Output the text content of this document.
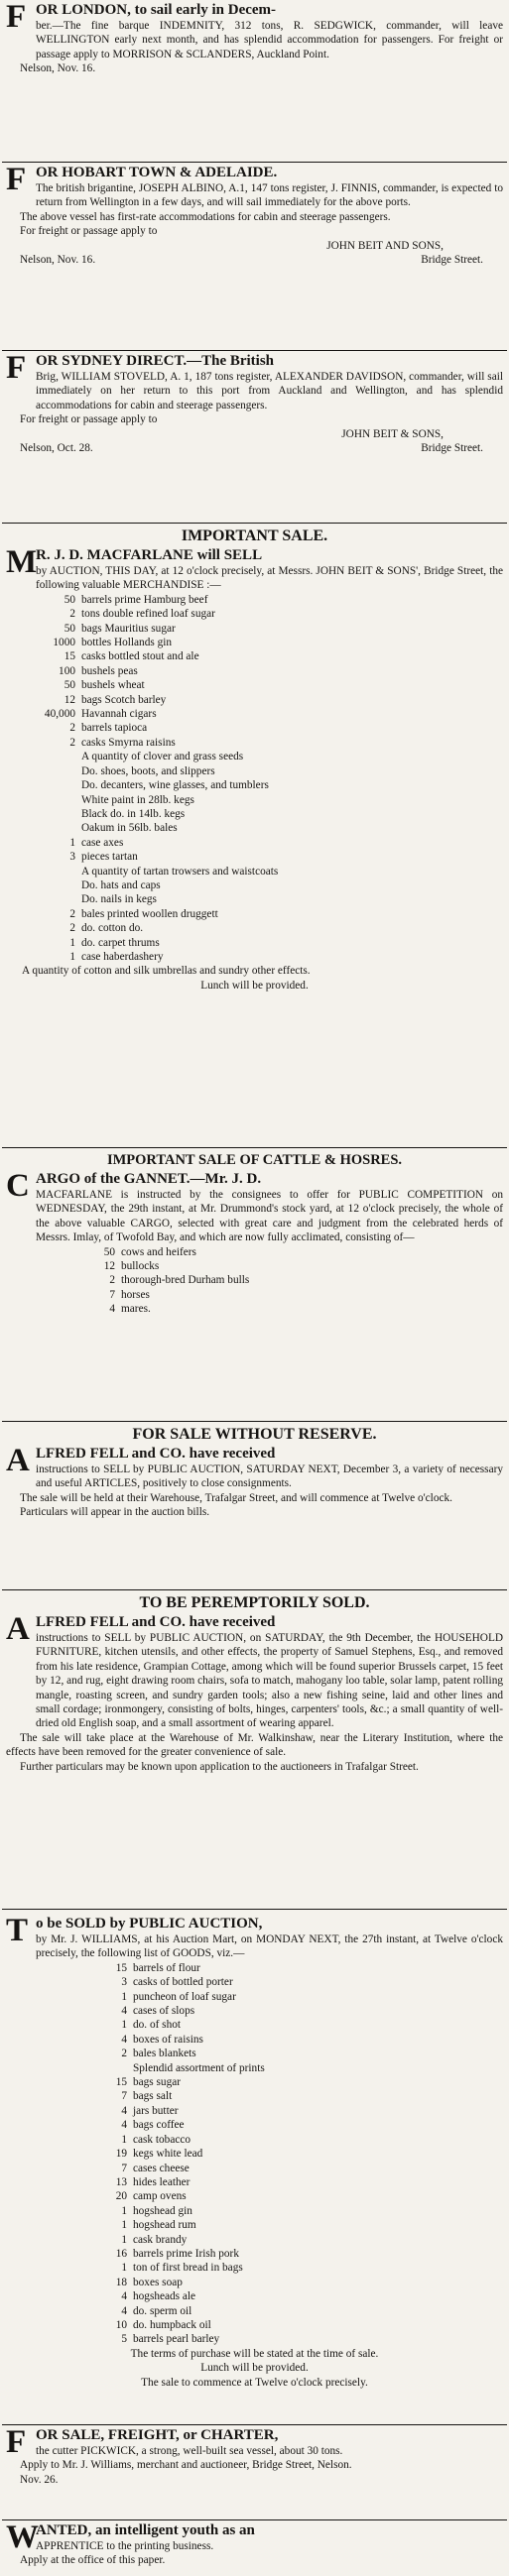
F OR LONDON, to sail early in Decem-

ber.—The fine barque INDEMNITY, 312 tons, R. SEDGWICK, commander, will leave WELLINGTON early next month, and has splendid accommodation for passengers. For freight or passage apply to MORRISON & SCLANDERS, Auckland Point.

Nelson, Nov. 16.

F OR HOBART TOWN & ADELAIDE.

The british brigantine, JOSEPH ALBINO, A.1, 147 tons register, J. FINNIS, commander, is expected to return from Wellington in a few days, and will sail immediately for the above ports.

The above vessel has first-rate accommodations for cabin and steerage passengers.

For freight or passage apply to

JOHN BEIT AND SONS,

Nelson, Nov. 16.	Bridge Street.
F OR SYDNEY DIRECT.—The British

Brig, WILLIAM STOVELD, A. 1, 187 tons register, ALEXANDER DAVIDSON, commander, will sail immediately on her return to this port from Auckland and Wellington, and has splendid accommodations for cabin and steerage passengers.

For freight or passage apply to

JOHN BEIT & SONS,

Nelson, Oct. 28.	Bridge Street.
IMPORTANT SALE.
M
R. J. D. MACFARLANE will SELL

by AUCTION, THIS DAY, at 12 o'clock precisely, at Messrs. JOHN BEIT & SONS', Bridge Street, the following valuable MERCHANDISE :—

50 barrels prime Hamburg beef
2 tons double refined loaf sugar
50 bags Mauritius sugar
1000 bottles Hollands gin
15 casks bottled stout and ale
100 bushels peas
50 bushels wheat
12 bags Scotch barley
40,000 Havannah cigars
2 barrels tapioca
2 casks Smyrna raisins
A quantity of clover and grass seeds
Do. shoes, boots, and slippers
Do. decanters, wine glasses, and tumblers
White paint in 28lb. kegs
Black do. in 14lb. kegs
Oakum in 56lb. bales
1 case axes
3 pieces tartan
A quantity of tartan trowsers and waistcoats
Do. hats and caps
Do. nails in kegs
2 bales printed woollen druggett
2 do. cotton do.
1 do. carpet thrums
1 case haberdashery

A quantity of cotton and silk umbrellas and sundry other effects.

Lunch will be provided.

IMPORTANT SALE OF CATTLE & HOSRES.
C ARGO of the GANNET.—Mr. J. D.

MACFARLANE is instructed by the consignees to offer for PUBLIC COMPETITION on WEDNESDAY, the 29th instant, at Mr. Drummond's stock yard, at 12 o'clock precisely, the whole of the above valuable CARGO, selected with great care and judgment from the celebrated herds of Messrs. Imlay, of Twofold Bay, and which are now fully acclimated, consisting of—

50 cows and heifers
12 bullocks
2 thorough-bred Durham bulls
7 horses
4 mares.
FOR SALE WITHOUT RESERVE.
A LFRED FELL and CO. have received

instructions to SELL by PUBLIC AUCTION, SATURDAY NEXT, December 3, a variety of necessary and useful ARTICLES, positively to close consignments.

The sale will be held at their Warehouse, Trafalgar Street, and will commence at Twelve o'clock.

Particulars will appear in the auction bills.

TO BE PEREMPTORILY SOLD.
A LFRED FELL and CO. have received

instructions to SELL by PUBLIC AUCTION, on SATURDAY, the 9th December, the HOUSEHOLD FURNITURE, kitchen utensils, and other effects, the property of Samuel Stephens, Esq., and removed from his late residence, Grampian Cottage, among which will be found superior Brussels carpet, 15 feet by 12, and rug, eight drawing room chairs, sofa to match, mahogany loo table, solar lamp, patent rolling mangle, roasting screen, and sundry garden tools; also a new fishing seine, laid and other lines and small cordage; ironmongery, consisting of bolts, hinges, carpenters' tools, &c.; a small quantity of well-dried old English soap, and a small assortment of wearing apparel.

The sale will take place at the Warehouse of Mr. Walkinshaw, near the Literary Institution, where the effects have been removed for the greater convenience of sale.

Further particulars may be known upon application to the auctioneers in Trafalgar Street.

T o be SOLD by PUBLIC AUCTION,

by Mr. J. WILLIAMS, at his Auction Mart, on MONDAY NEXT, the 27th instant, at Twelve o'clock precisely, the following list of GOODS, viz.—

15 barrels of flour
3 casks of bottled porter
1 puncheon of loaf sugar
4 cases of slops
1 do. of shot
4 boxes of raisins
2 bales blankets
Splendid assortment of prints
15 bags sugar
7 bags salt
4 jars butter
4 bags coffee
1 cask tobacco
19 kegs white lead
7 cases cheese
13 hides leather
20 camp ovens
1 hogshead gin
1 hogshead rum
1 cask brandy
16 barrels prime Irish pork
1 ton of first bread in bags
18 boxes soap
4 hogsheads ale
4 do. sperm oil
10 do. humpback oil
5 barrels pearl barley

The terms of purchase will be stated at the time of sale.

Lunch will be provided.

The sale to commence at Twelve o'clock precisely.

F OR SALE, FREIGHT, or CHARTER,

the cutter PICKWICK, a strong, well-built sea vessel, about 30 tons.

Apply to Mr. J. Williams, merchant and auctioneer, Bridge Street, Nelson.

Nov. 26.

W
ANTED, an intelligent youth as an

APPRENTICE to the printing business.

Apply at the office of this paper.
